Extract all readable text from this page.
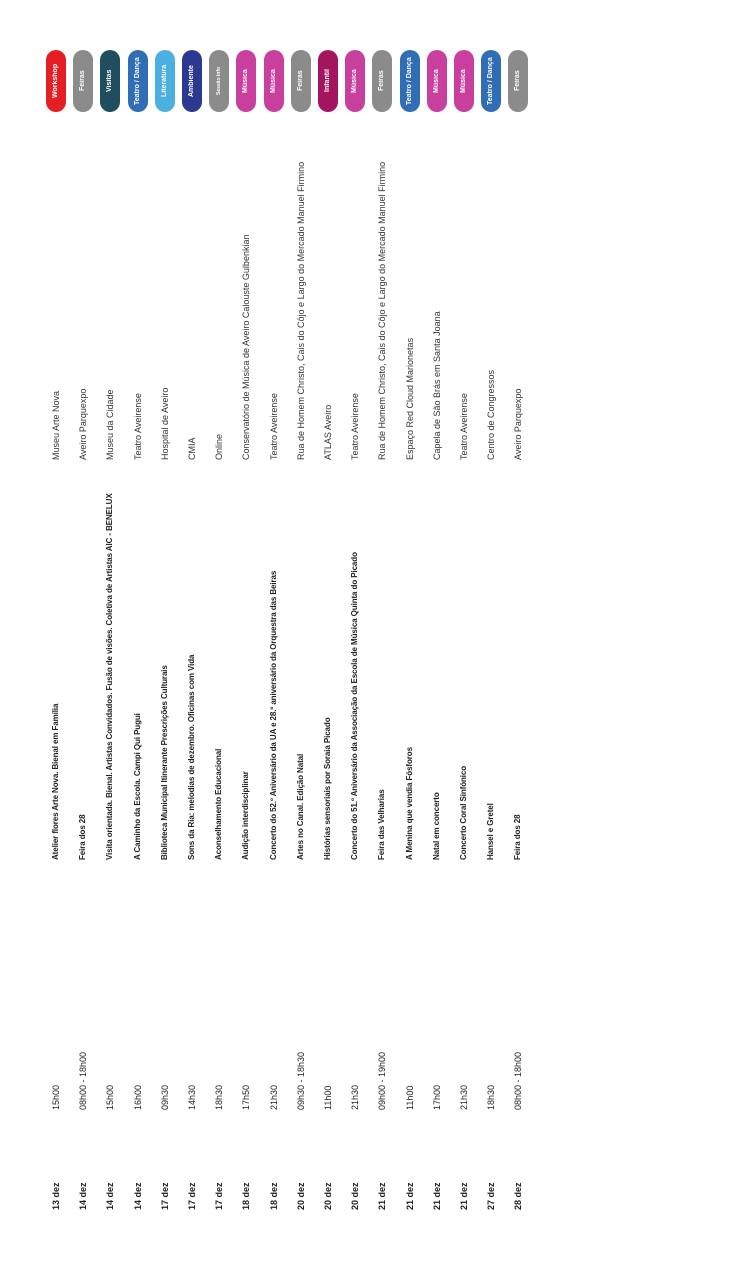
13 dez
15h00
Atelier flores Arte Nova. Bienal em Família
Museu Arte Nova
Workshop
14 dez
08h00 - 18h00
Feira dos 28
Aveiro Parquexpo
Feiras
14 dez
15h00
Visita orientada. Bienal. Artistas Convidados. Fusão de visões. Coletiva de Artistas AIC - BENELUX
Museu da Cidade
Visitas
14 dez
16h00
A Caminho da Escola. Campi Qui Pugui
Teatro Aveirense
Teatro / Dança
17 dez
09h30
Biblioteca Municipal Itinerante Prescrições Culturais
Hospital de Aveiro
Literatura
17 dez
14h30
Sons da Ria: melodias de dezembro. Oficinas com Vida
CMIA
Ambiente
17 dez
18h30
Aconselhamento Educacional
Online
Sessão Info
18 dez
17h50
Audição interdisciplinar
Conservatório de Música de Aveiro Calouste Gulbenkian
Música
18 dez
21h30
Concerto do 52.º Aniversário da UA e 28.º aniversário da Orquestra das Beiras
Teatro Aveirense
Música
20 dez
09h30 - 18h30
Artes no Canal. Edição Natal
Rua de Homem Christo, Cais do Côjo e Largo do Mercado Manuel Firmino
Feiras
20 dez
11h00
Histórias sensoriais por Soraia Picado
ATLAS Aveiro
Infantil
20 dez
21h30
Concerto do 51.º Aniversário da Associação da Escola de Música Quinta do Picado
Teatro Aveirense
Música
21 dez
09h00 - 19h00
Feira das Velharias
Rua de Homem Christo, Cais do Côjo e Largo do Mercado Manuel Firmino
Feiras
21 dez
11h00
A Menina que vendia Fósforos
Espaço Red Cloud Marionetas
Teatro / Dança
21 dez
17h00
Natal em concerto
Capela de São Brás em Santa Joana
Música
21 dez
21h30
Concerto Coral Sinfónico
Teatro Aveirense
Música
27 dez
18h30
Hansel e Gretel
Centro de Congressos
Teatro / Dança
28 dez
08h00 - 18h00
Feira dos 28
Aveiro Parquexpo
Feiras
